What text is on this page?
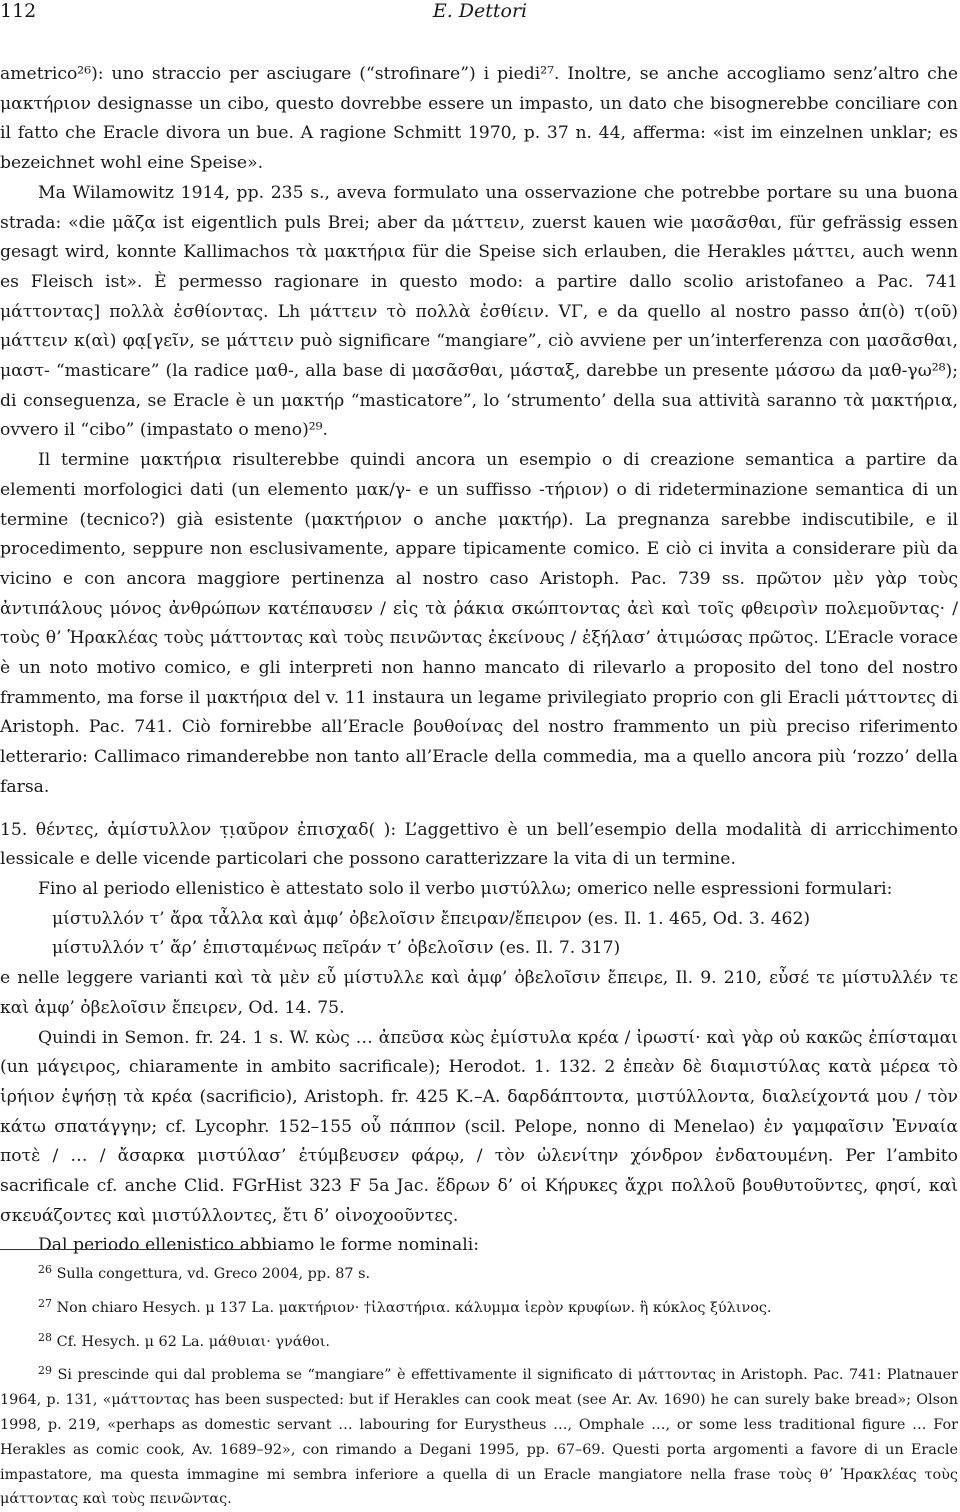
112	E. Dettori

ametrico²⁶): uno straccio per asciugare (“strofinare”) i piedi²⁷. Inoltre, se anche accogliamo senz’altro che μακτήριον designasse un cibo, questo dovrebbe essere un impasto, un dato che bisognerebbe conciliare con il fatto che Eracle divora un bue. A ragione Schmitt 1970, p. 37 n. 44, afferma: «ist im einzelnen unklar; es bezeichnet wohl eine Speise».

Ma Wilamowitz 1914, pp. 235 s., aveva formulato una osservazione che potrebbe portare su una buona strada: «die μᾶζα ist eigentlich puls Brei; aber da μάττειν, zuerst kauen wie μασᾶσθαι, für gefrässig essen gesagt wird, konnte Kallimachos τὰ μακτήρια für die Speise sich erlauben, die Herakles μάττει, auch wenn es Fleisch ist». È permesso ragionare in questo modo: a partire dallo scolio aristofaneo a Pac. 741 μάττοντας] πολλὰ ἐσθίοντας. Lh μάττειν τὸ πολλὰ ἐσθίειν. VΓ, e da quello al nostro passo ἀπ(ὸ) τ(οῦ) μάττειν κ(αὶ) φα̣[γεῖν, se μάττειν può significare “mangiare”, ciò avviene per un’interferenza con μασᾶσθαι, μαστ- “masticare” (la radice μαθ-, alla base di μασᾶσθαι, μάσταξ, darebbe un presente μάσσω da μαθ-γω²⁸); di conseguenza, se Eracle è un μακτήρ “masticatore”, lo ‘strumento’ della sua attività saranno τὰ μακτήρια, ovvero il “cibo” (impastato o meno)²⁹.

Il termine μακτήρια risulterebbe quindi ancora un esempio o di creazione semantica a partire da elementi morfologici dati (un elemento μακ/γ- e un suffisso -τήριον) o di rideterminazione semantica di un termine (tecnico?) già esistente (μακτήριον o anche μακτήρ). La pregnanza sarebbe indiscutibile, e il procedimento, seppure non esclusivamente, appare tipicamente comico. E ciò ci invita a considerare più da vicino e con ancora maggiore pertinenza al nostro caso Aristoph. Pac. 739 ss. πρῶτον μὲν γὰρ τοὺς ἀντιπάλους μόνος ἀνθρώπων κατέπαυσεν / εἰς τὰ ῥάκια σκώπτοντας ἀεὶ καὶ τοῖς φθειρσὶν πολεμοῦντας· / τοὺς θ’ Ἡρακλέας τοὺς μάττοντας καὶ τοὺς πεινῶντας ἐκείνους / ἐξήλασ’ ἀτιμώσας πρῶτος. L’Eracle vorace è un noto motivo comico, e gli interpreti non hanno mancato di rilevarlo a proposito del tono del nostro frammento, ma forse il μακτήρια del v. 11 instaura un legame privilegiato proprio con gli Eracli μάττοντες di Aristoph. Pac. 741. Ciò fornirebbe all’Eracle βουθοίνας del nostro frammento un più preciso riferimento letterario: Callimaco rimanderebbe non tanto all’Eracle della commedia, ma a quello ancora più ‘rozzo’ della farsa.

15. θέντες, ἀμίστυλλον τ̣ι̣αῦρον ἐπισχαδ( ): L’aggettivo è un bell’esempio della modalità di arricchimento lessicale e delle vicende particolari che possono caratterizzare la vita di un termine.

Fino al periodo ellenistico è attestato solo il verbo μιστύλλω; omerico nelle espressioni formulari:

μίστυλλόν τ’ ἄρα τἆλλα καὶ ἀμφ’ ὀβελοῖσιν ἔπειραν/ἔπειρον (es. Il. 1. 465, Od. 3. 462)

μίστυλλόν τ’ ἄρ’ ἐπισταμένως πεῖράν τ’ ὀβελοῖσιν (es. Il. 7. 317)

e nelle leggere varianti καὶ τὰ μὲν εὖ μίστυλλε καὶ ἀμφ’ ὀβελοῖσιν ἔπειρε, Il. 9. 210, εὖσέ τε μίστυλλέν τε καὶ ἀμφ’ ὀβελοῖσιν ἔπειρεν, Od. 14. 75.

Quindi in Semon. fr. 24. 1 s. W. κὼς … ἀπεῦσα κὼς ἐμίστυλα κρέα / ἰρωστί· καὶ γὰρ οὐ κακῶς ἐπίσταμαι (un μάγειρος, chiaramente in ambito sacrificale); Herodot. 1. 132. 2 ἐπεὰν δὲ διαμιστύλας κατὰ μέρεα τὸ ἱρήιον ἑψήσῃ τὰ κρέα (sacrificio), Aristoph. fr. 425 K.–A. δαρδάπτοντα, μιστύλλοντα, διαλείχοντά μου / τὸν κάτω σπατάγγην; cf. Lycophr. 152–155 οὗ πάππον (scil. Pelope, nonno di Menelao) ἐν γαμφαῖσιν Ἐνναία ποτὲ / … / ἄσαρκα μιστύλασ’ ἐτύμβευσεν φάρῳ, / τὸν ὠλενίτην χόνδρον ἐνδατουμένη. Per l’ambito sacrificale cf. anche Clid. FGrHist 323 F 5a Jac. ἕδρων δ’ οἱ Κήρυκες ἄχρι πολλοῦ βουθυτοῦντες, φησί, καὶ σκευάζοντες καὶ μιστύλλοντες, ἔτι δ’ οἰνοχοοῦντες.

Dal periodo ellenistico abbiamo le forme nominali:

$^{26}$ Sulla congettura, vd. Greco 2004, pp. 87 s.

$^{27}$ Non chiaro Hesych. μ 137 La. μακτήριον· †ἱλαστήρια. κάλυμμα ἱερὸν κρυφίων. ἢ κύκλος ξύλινος.

$^{28}$ Cf. Hesych. μ 62 La. μάθυιαι· γνάθοι.

$^{29}$ Si prescinde qui dal problema se “mangiare” è effettivamente il significato di μάττοντας in Aristoph. Pac. 741: Platnauer 1964, p. 131, «μάττοντας has been suspected: but if Herakles can cook meat (see Ar. Av. 1690) he can surely bake bread»; Olson 1998, p. 219, «perhaps as domestic servant … labouring for Eurystheus …, Omphale …, or some less traditional figure … For Herakles as comic cook, Av. 1689–92», con rimando a Degani 1995, pp. 67–69. Questi porta argomenti a favore di un Eracle impastatore, ma questa immagine mi sembra inferiore a quella di un Eracle mangiatore nella frase τοὺς θ’ Ἡρακλέας τοὺς μάττοντας καὶ τοὺς πεινῶντας.
